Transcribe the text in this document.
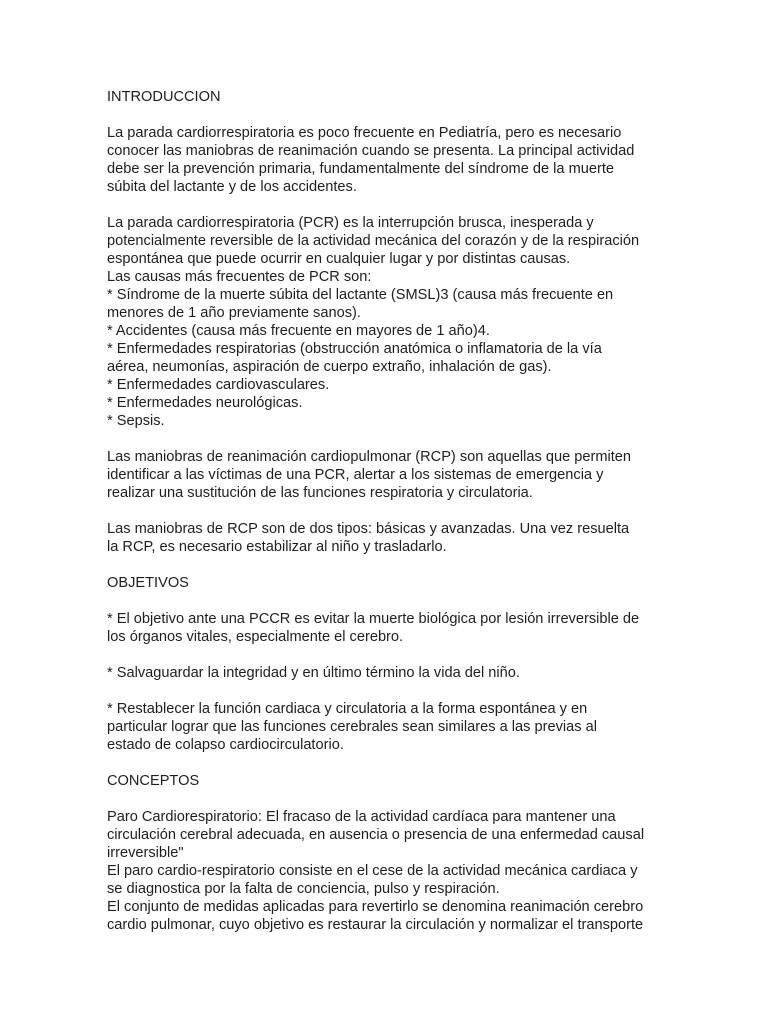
INTRODUCCION

La parada cardiorrespiratoria es poco frecuente en Pediatría, pero es necesario
conocer las maniobras de reanimación cuando se presenta. La principal actividad
debe ser la prevención primaria, fundamentalmente del síndrome de la muerte
súbita del lactante y de los accidentes.

La parada cardiorrespiratoria (PCR) es la interrupción brusca, inesperada y
potencialmente reversible de la actividad mecánica del corazón y de la respiración
espontánea que puede ocurrir en cualquier lugar y por distintas causas.
Las causas más frecuentes de PCR son:
* Síndrome de la muerte súbita del lactante (SMSL)3 (causa más frecuente en
menores de 1 año previamente sanos).
* Accidentes (causa más frecuente en mayores de 1 año)4.
* Enfermedades respiratorias (obstrucción anatómica o inflamatoria de la vía
aérea, neumonías, aspiración de cuerpo extraño, inhalación de gas).
* Enfermedades cardiovasculares.
* Enfermedades neurológicas.
* Sepsis.

Las maniobras de reanimación cardiopulmonar (RCP) son aquellas que permiten
identificar a las víctimas de una PCR, alertar a los sistemas de emergencia y
realizar una sustitución de las funciones respiratoria y circulatoria.

Las maniobras de RCP son de dos tipos: básicas y avanzadas. Una vez resuelta
la RCP, es necesario estabilizar al niño y trasladarlo.

OBJETIVOS

* El objetivo ante una PCCR es evitar la muerte biológica por lesión irreversible de
los órganos vitales, especialmente el cerebro.

* Salvaguardar la integridad y en último término la vida del niño.

* Restablecer la función cardiaca y circulatoria a la forma espontánea y en
particular lograr que las funciones cerebrales sean similares a las previas al
estado de colapso cardiocirculatorio.

CONCEPTOS

Paro Cardiorespiratorio: El fracaso de la actividad cardíaca para mantener una
circulación cerebral adecuada, en ausencia o presencia de una enfermedad causal
irreversible"
El paro cardio-respiratorio consiste en el cese de la actividad mecánica cardiaca y
se diagnostica por la falta de conciencia, pulso y respiración.
El conjunto de medidas aplicadas para revertirlo se denomina reanimación cerebro
cardio pulmonar, cuyo objetivo es restaurar la circulación y normalizar el transporte
